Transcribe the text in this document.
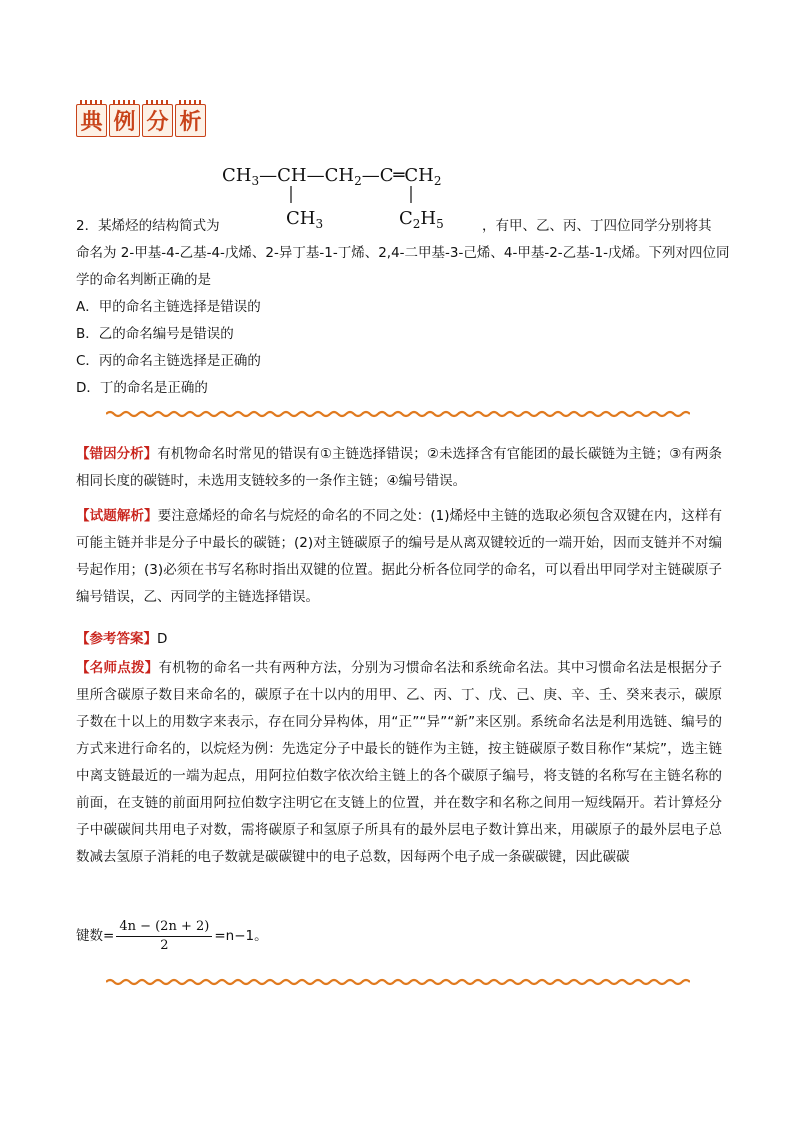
典 例 分 析
$CH_3—CH—CH_2—C═CH_2$
$CH_3$	$C_2H_5$
2．某烯烃的结构简式为	，有甲、乙、丙、丁四位同学分别将其
命名为 2-甲基-4-乙基-4-戊烯、2-异丁基-1-丁烯、2,4-二甲基-3-己烯、4-甲基-2-乙基-1-戊烯。下列对四位同
学的命名判断正确的是
A．甲的命名主链选择是错误的
B．乙的命名编号是错误的
C．丙的命名主链选择是正确的
D．丁的命名是正确的
【错因分析】有机物命名时常见的错误有①主链选择错误；②未选择含有官能团的最长碳链为主链；③有两条相同长度的碳链时，未选用支链较多的一条作主链；④编号错误。
【试题解析】要注意烯烃的命名与烷烃的命名的不同之处：(1)烯烃中主链的选取必须包含双键在内，这样有可能主链并非是分子中最长的碳链；(2)对主链碳原子的编号是从离双键较近的一端开始，因而支链并不对编号起作用；(3)必须在书写名称时指出双键的位置。据此分析各位同学的命名，可以看出甲同学对主链碳原子编号错误，乙、丙同学的主链选择错误。
【参考答案】D
【名师点拨】有机物的命名一共有两种方法，分别为习惯命名法和系统命名法。其中习惯命名法是根据分子里所含碳原子数目来命名的，碳原子在十以内的用甲、乙、丙、丁、戊、己、庚、辛、壬、癸来表示，碳原子数在十以上的用数字来表示，存在同分异构体，用“正”“异”“新”来区别。系统命名法是利用选链、编号的方式来进行命名的，以烷烃为例：先选定分子中最长的链作为主链，按主链碳原子数目称作“某烷”，选主链中离支链最近的一端为起点，用阿拉伯数字依次给主链上的各个碳原子编号，将支链的名称写在主链名称的前面，在支链的前面用阿拉伯数字注明它在支链上的位置，并在数字和名称之间用一短线隔开。若计算烃分子中碳碳间共用电子对数，需将碳原子和氢原子所具有的最外层电子数计算出来，用碳原子的最外层电子总数减去氢原子消耗的电子数就是碳碳键中的电子总数，因每两个电子成一条碳碳键，因此碳碳
键数= $\frac{4n - (2n + 2)}{2} =n-1$。
